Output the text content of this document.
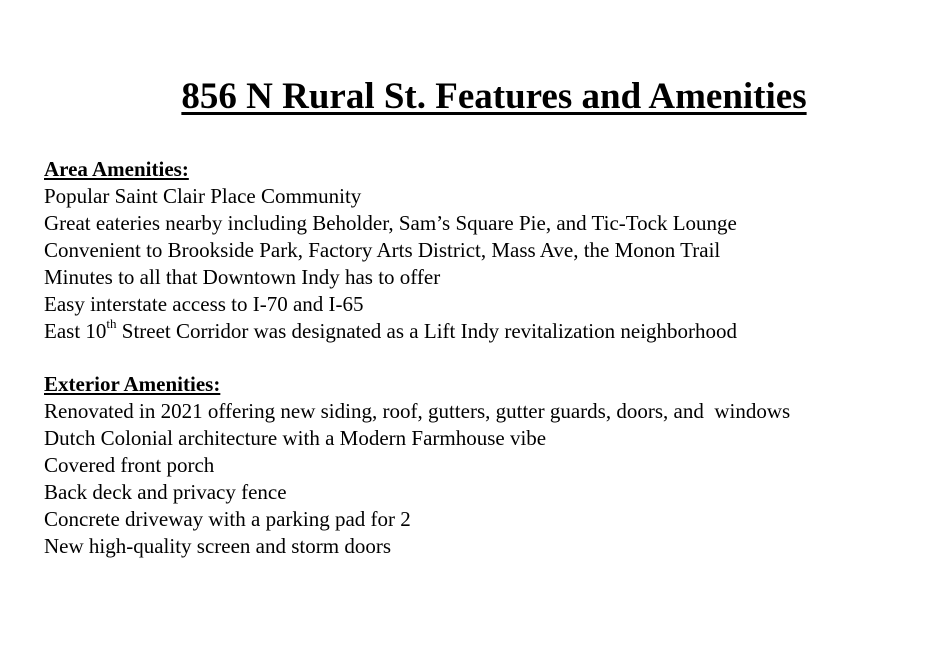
856 N Rural St. Features and Amenities
Area Amenities:
Popular Saint Clair Place Community
Great eateries nearby including Beholder, Sam’s Square Pie, and Tic-Tock Lounge
Convenient to Brookside Park, Factory Arts District, Mass Ave, the Monon Trail
Minutes to all that Downtown Indy has to offer
Easy interstate access to I-70 and I-65
East 10th Street Corridor was designated as a Lift Indy revitalization neighborhood
Exterior Amenities:
Renovated in 2021 offering new siding, roof, gutters, gutter guards, doors, and  windows
Dutch Colonial architecture with a Modern Farmhouse vibe
Covered front porch
Back deck and privacy fence
Concrete driveway with a parking pad for 2
New high-quality screen and storm doors
